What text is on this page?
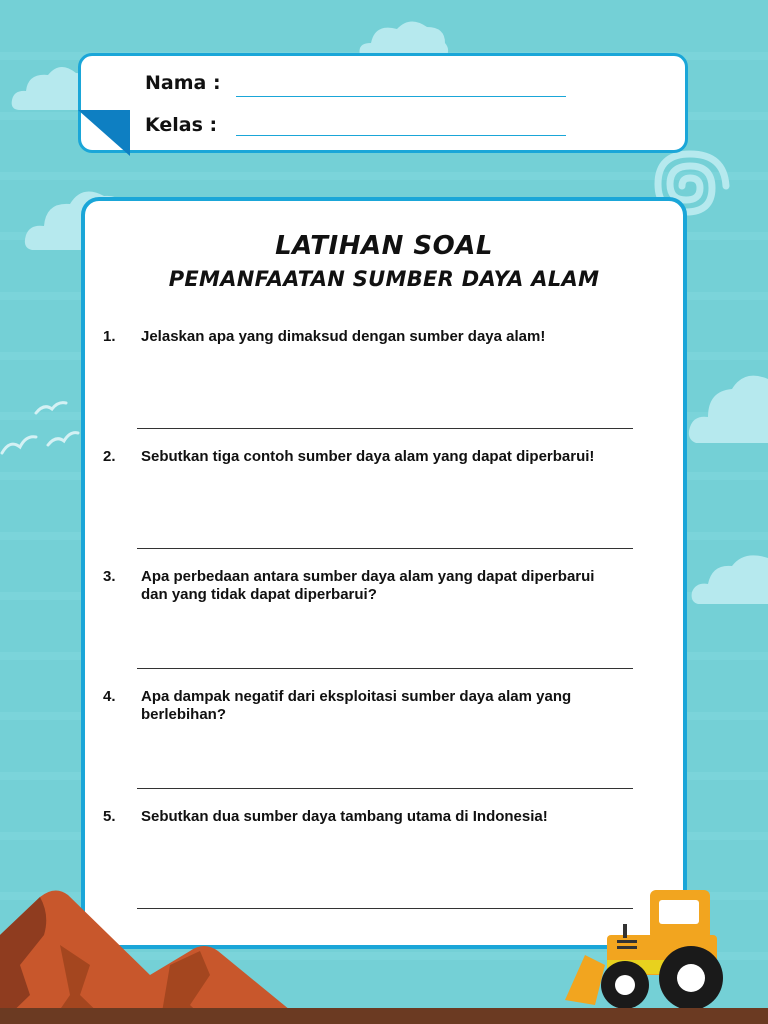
Nama :
Kelas :
LATIHAN SOAL
PEMANFAATAN SUMBER DAYA ALAM
1.	Jelaskan apa yang dimaksud dengan sumber daya alam!
2.	Sebutkan tiga contoh sumber daya alam yang dapat diperbarui!
3.	Apa perbedaan antara sumber daya alam yang dapat diperbarui dan yang tidak dapat diperbarui?
4.	Apa dampak negatif dari eksploitasi sumber daya alam yang berlebihan?
5.	Sebutkan dua sumber daya tambang utama di Indonesia!
